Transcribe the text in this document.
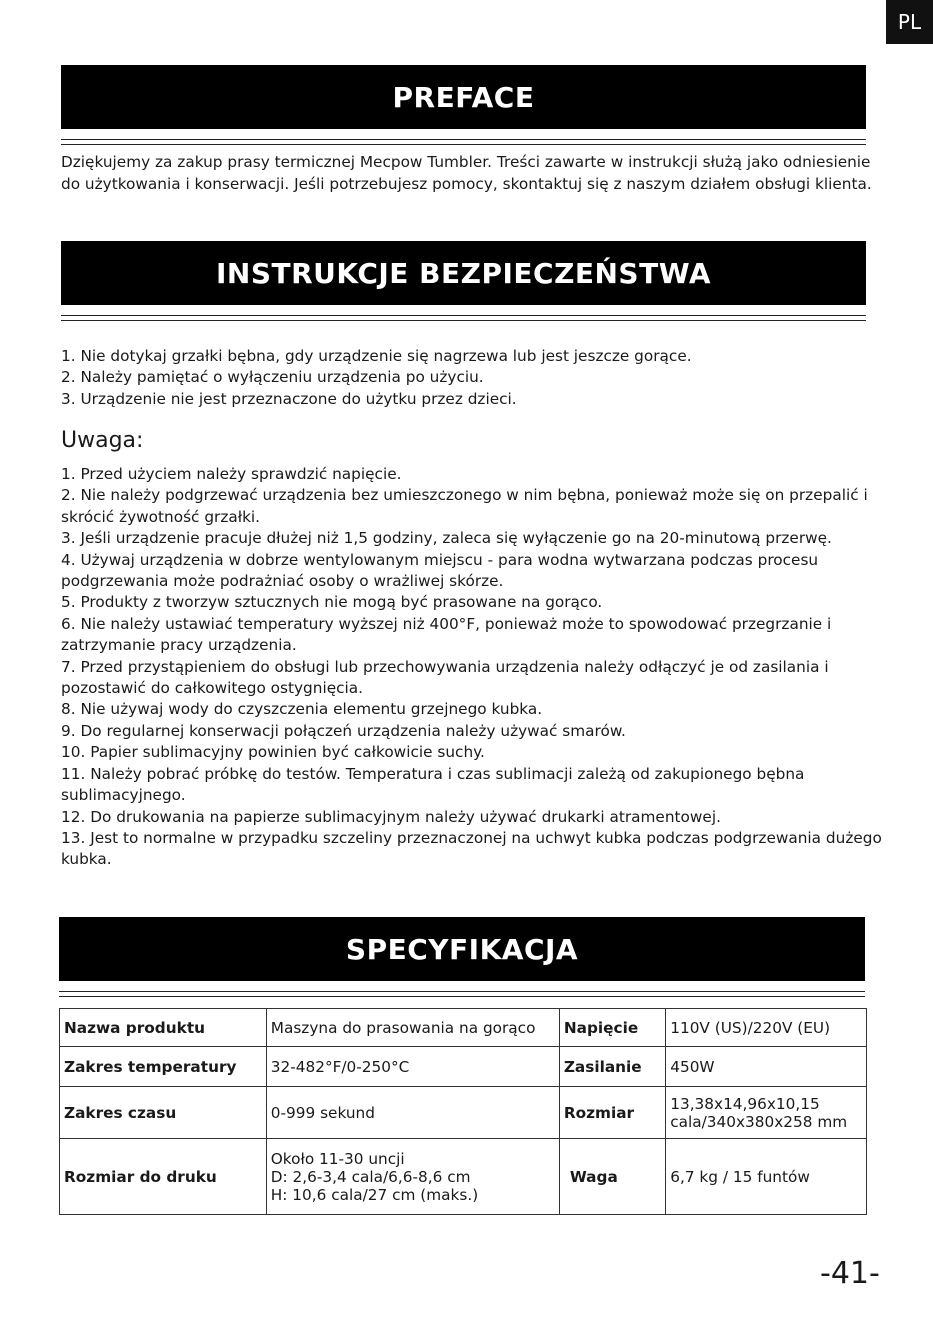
PL
PREFACE

Dziękujemy za zakup prasy termicznej Mecpow Tumbler. Treści zawarte w instrukcji służą jako odniesienie do użytkowania i konserwacji. Jeśli potrzebujesz pomocy, skontaktuj się z naszym działem obsługi klienta.

INSTRUKCJE BEZPIECZEŃSTWA
1. Nie dotykaj grzałki bębna, gdy urządzenie się nagrzewa lub jest jeszcze gorące.
2. Należy pamiętać o wyłączeniu urządzenia po użyciu.
3. Urządzenie nie jest przeznaczone do użytku przez dzieci.
Uwaga:
1. Przed użyciem należy sprawdzić napięcie.
2. Nie należy podgrzewać urządzenia bez umieszczonego w nim bębna, ponieważ może się on przepalić i skrócić żywotność grzałki.
3. Jeśli urządzenie pracuje dłużej niż 1,5 godziny, zaleca się wyłączenie go na 20-minutową przerwę.
4. Używaj urządzenia w dobrze wentylowanym miejscu - para wodna wytwarzana podczas procesu podgrzewania może podrażniać osoby o wrażliwej skórze.
5. Produkty z tworzyw sztucznych nie mogą być prasowane na gorąco.
6. Nie należy ustawiać temperatury wyższej niż 400°F, ponieważ może to spowodować przegrzanie i zatrzymanie pracy urządzenia.
7. Przed przystąpieniem do obsługi lub przechowywania urządzenia należy odłączyć je od zasilania i pozostawić do całkowitego ostygnięcia.
8. Nie używaj wody do czyszczenia elementu grzejnego kubka.
9. Do regularnej konserwacji połączeń urządzenia należy używać smarów.
10. Papier sublimacyjny powinien być całkowicie suchy.
11. Należy pobrać próbkę do testów. Temperatura i czas sublimacji zależą od zakupionego bębna sublimacyjnego.
12. Do drukowania na papierze sublimacyjnym należy używać drukarki atramentowej.
13. Jest to normalne w przypadku szczeliny przeznaczonej na uchwyt kubka podczas podgrzewania dużego kubka.
SPECYFIKACJA
Nazwa produktu	Maszyna do prasowania na gorąco	Napięcie	110V (US)/220V (EU)
Zakres temperatury	32-482°F/0-250°C	Zasilanie	450W
Zakres czasu	0-999 sekund	Rozmiar	13,38x14,96x10,15 cala/340x380x258 mm
Rozmiar do druku	Około 11-30 uncji
D: 2,6-3,4 cala/6,6-8,6 cm
H: 10,6 cala/27 cm (maks.)	Waga	6,7 kg / 15 funtów
-41-
